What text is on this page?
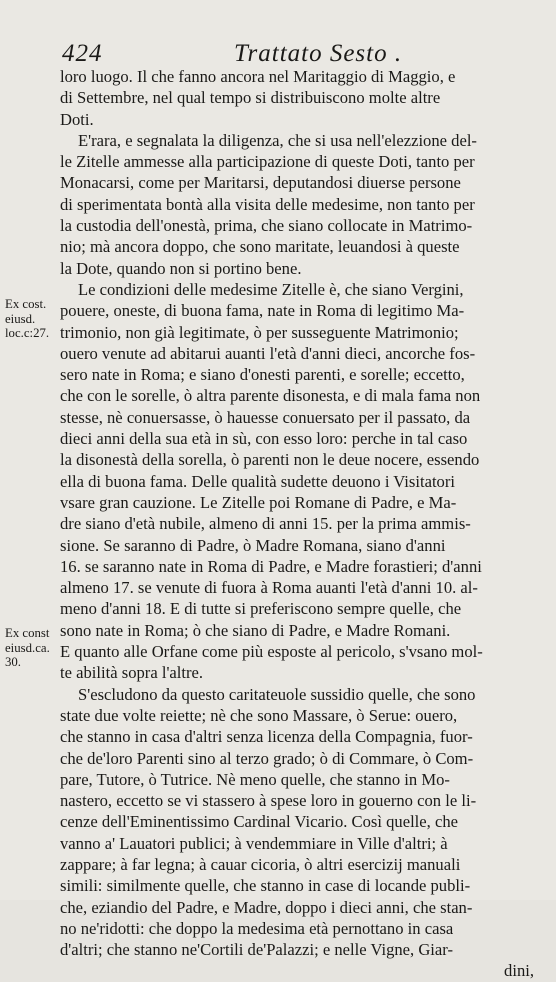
424	Trattato Sesto .
Ex cost.
eiusd.
loc.c:27.
Ex const
eiusd.ca.
30.
loro luogo. Il che fanno ancora nel Maritaggio di Maggio, e
di Settembre, nel qual tempo si distribuiscono molte altre
Doti.
E'rara, e segnalata la diligenza, che si usa nell'elezzione del-
le Zitelle ammesse alla participazione di queste Doti, tanto per
Monacarsi, come per Maritarsi, deputandosi diuerse persone
di sperimentata bontà alla visita delle medesime, non tanto per
la custodia dell'onestà, prima, che siano collocate in Matrimo-
nio; mà ancora doppo, che sono maritate, leuandosi à queste
la Dote, quando non si portino bene.
Le condizioni delle medesime Zitelle è, che siano Vergini,
pouere, oneste, di buona fama, nate in Roma di legitimo Ma-
trimonio, non già legitimate, ò per susseguente Matrimonio;
ouero venute ad abitarui auanti l'età d'anni dieci, ancorche fos-
sero nate in Roma; e siano d'onesti parenti, e sorelle; eccetto,
che con le sorelle, ò altra parente disonesta, e di mala fama non
stesse, nè conuersasse, ò hauesse conuersato per il passato, da
dieci anni della sua età in sù, con esso loro: perche in tal caso
la disonestà della sorella, ò parenti non le deue nocere, essendo
ella di buona fama. Delle qualità sudette deuono i Visitatori
vsare gran cauzione. Le Zitelle poi Romane di Padre, e Ma-
dre siano d'età nubile, almeno di anni 15. per la prima ammis-
sione. Se saranno di Padre, ò Madre Romana, siano d'anni
16. se saranno nate in Roma di Padre, e Madre forastieri; d'anni
almeno 17. se venute di fuora à Roma auanti l'età d'anni 10. al-
meno d'anni 18. E di tutte si preferiscono sempre quelle, che
sono nate in Roma; ò che siano di Padre, e Madre Romani.
E quanto alle Orfane come più esposte al pericolo, s'vsano mol-
te abilità sopra l'altre.
S'escludono da questo caritateuole sussidio quelle, che sono
state due volte reiette; nè che sono Massare, ò Serue: ouero,
che stanno in casa d'altri senza licenza della Compagnia, fuor-
che de'loro Parenti sino al terzo grado; ò di Commare, ò Com-
pare, Tutore, ò Tutrice. Nè meno quelle, che stanno in Mo-
nastero, eccetto se vi stassero à spese loro in gouerno con le li-
cenze dell'Eminentissimo Cardinal Vicario. Così quelle, che
vanno a' Lauatori publici; à vendemmiare in Ville d'altri; à
zappare; à far legna; à cauar cicoria, ò altri esercizij manuali
simili: similmente quelle, che stanno in case di locande publi-
che, eziandio del Padre, e Madre, doppo i dieci anni, che stan-
no ne'ridotti: che doppo la medesima età pernottano in casa
d'altri; che stanno ne'Cortili de'Palazzi; e nelle Vigne, Giar-
dini,
